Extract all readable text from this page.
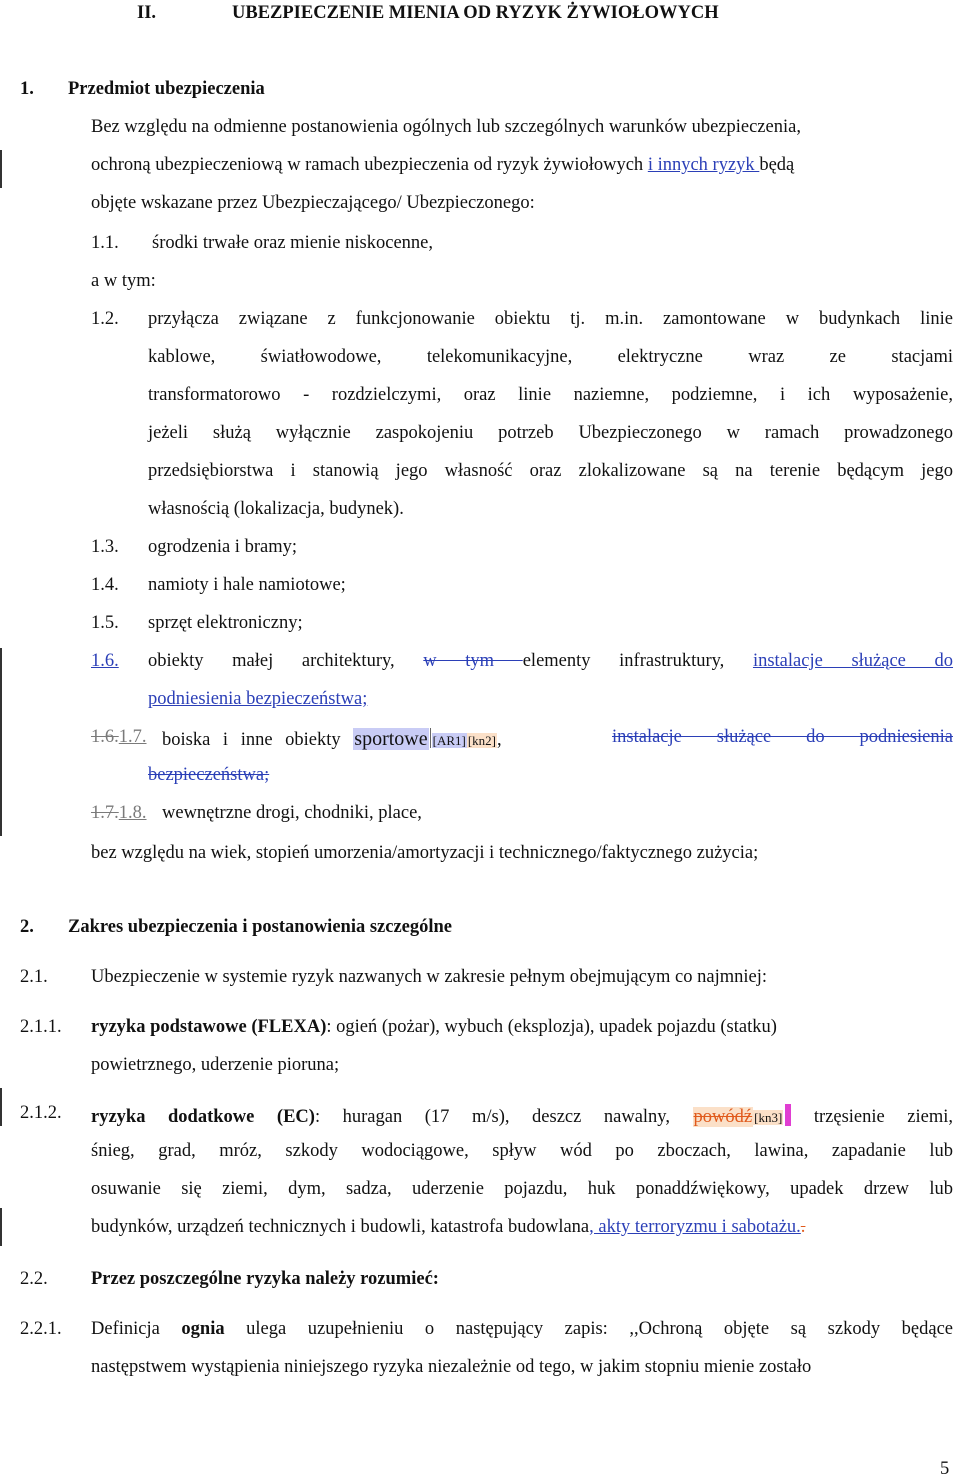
II.	UBEZPIECZENIE MIENIA OD RYZYK ŻYWIOŁOWYCH
1. Przedmiot ubezpieczenia
Bez względu na odmienne postanowienia ogólnych lub szczególnych warunków ubezpieczenia,
ochroną ubezpieczeniową w ramach ubezpieczenia od ryzyk żywiołowych i innych ryzyk będą
objęte wskazane przez Ubezpieczającego/ Ubezpieczonego:
1.1. środki trwałe oraz mienie niskocenne,
a w tym:
1.2. przyłącza związane z funkcjonowanie obiektu tj. m.in. zamontowane w budynkach linie
kablowe, światłowodowe, telekomunikacyjne, elektryczne wraz ze stacjami
transformatorowo - rozdzielczymi, oraz linie naziemne, podziemne, i ich wyposażenie,
jeżeli służą wyłącznie zaspokojeniu potrzeb Ubezpieczonego w ramach prowadzonego
przedsiębiorstwa i stanowią jego własność oraz zlokalizowane są na terenie będącym jego
własnością (lokalizacja, budynek).
1.3. ogrodzenia i bramy;
1.4. namioty i hale namiotowe;
1.5. sprzęt elektroniczny;
1.6. obiekty małej architektury, w tym elementy infrastruktury, instalacje służące do
podniesienia bezpieczeństwa;
1.6.1.7. boiska i inne obiekty sportowe [AR1] [kn2],	instalacje służące do podniesienia
bezpieczeństwa;
1.7.1.8. wewnętrzne drogi, chodniki, place,
bez względu na wiek, stopień umorzenia/amortyzacji i technicznego/faktycznego zużycia;
2. Zakres ubezpieczenia i postanowienia szczególne
2.1. Ubezpieczenie w systemie ryzyk nazwanych w zakresie pełnym obejmującym co najmniej:
2.1.1. ryzyka podstawowe (FLEXA): ogień (pożar), wybuch (eksplozja), upadek pojazdu (statku)
powietrznego, uderzenie pioruna;
2.1.2. ryzyka dodatkowe (EC): huragan (17 m/s), deszcz nawalny, powódź [kn3] trzęsienie ziemi,
śnieg, grad, mróz, szkody wodociągowe, spływ wód po zboczach, lawina, zapadanie lub
osuwanie się ziemi, dym, sadza, uderzenie pojazdu, huk ponaddźwiękowy, upadek drzew lub
budynków, urządzeń technicznych i budowli, katastrofa budowlana, akty terroryzmu i sabotażu..
2.2. Przez poszczególne ryzyka należy rozumieć:
2.2.1. Definicja ognia ulega uzupełnieniu o następujący zapis: ,,Ochroną objęte są szkody będące
następstwem wystąpienia niniejszego ryzyka niezależnie od tego, w jakim stopniu mienie zostało
5
